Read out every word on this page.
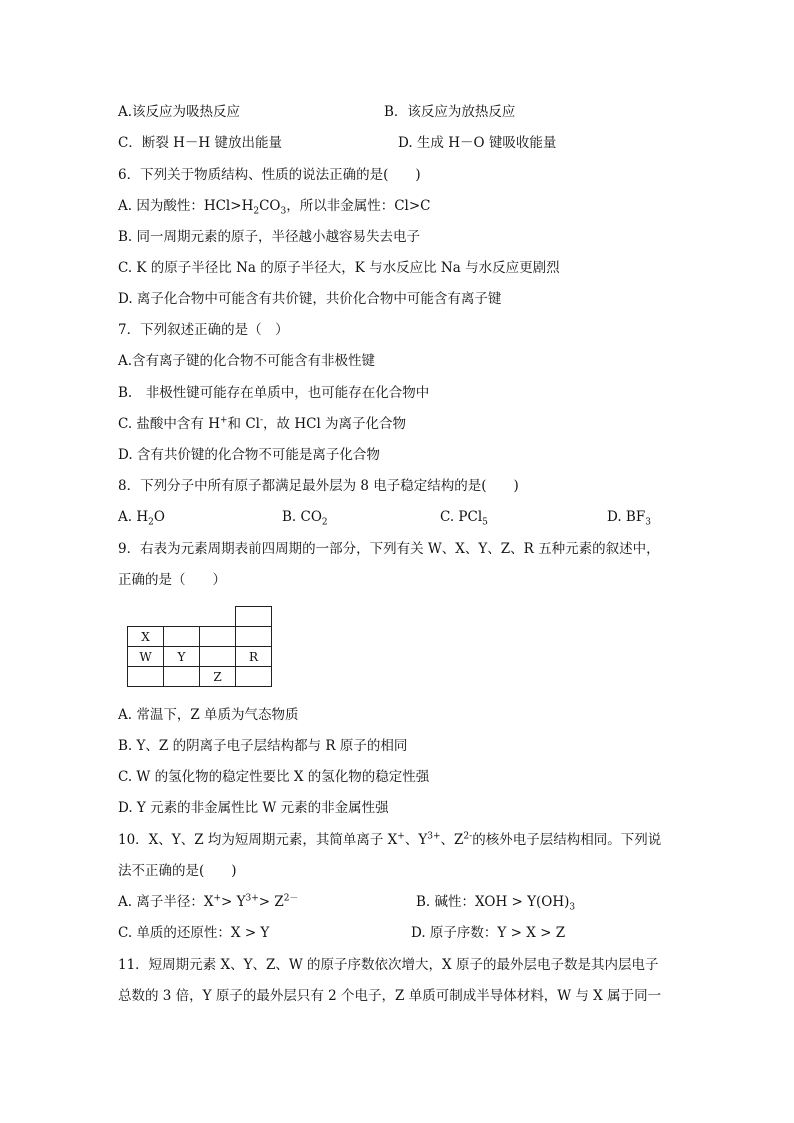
A.该反应为吸热反应	B．该反应为放热反应
C．断裂 H－H 键放出能量	D. 生成 H－O 键吸收能量
6．下列关于物质结构、性质的说法正确的是(　　)
A. 因为酸性：$HCl>H_2CO_3$，所以非金属性：Cl>C
B. 同一周期元素的原子，半径越小越容易失去电子
C. K 的原子半径比 Na 的原子半径大，K 与水反应比 Na 与水反应更剧烈
D. 离子化合物中可能含有共价键，共价化合物中可能含有离子键
7．下列叙述正确的是（　）
A.含有离子键的化合物不可能含有非极性键
B.　非极性键可能存在单质中，也可能存在化合物中
C. 盐酸中含有 H+和 Cl-，故 HCl 为离子化合物
D. 含有共价键的化合物不可能是离子化合物
8．下列分子中所有原子都满足最外层为 8 电子稳定结构的是(　　)
A. $H_2O$	B. $CO_2$	C. PCl$_5$	D. $BF_3$
9．右表为元素周期表前四周期的一部分，下列有关 W、X、Y、Z、R 五种元素的叙述中，
正确的是（　　）

X			
W	Y		R
		Z	
A. 常温下，Z 单质为气态物质
B. Y、Z 的阴离子电子层结构都与 R 原子的相同
C. W 的氢化物的稳定性要比 X 的氢化物的稳定性强
D. Y 元素的非金属性比 W 元素的非金属性强
10．X、Y、Z 均为短周期元素，其简单离子 X+、$Y^{3+}$、$Z^{2-}$的核外电子层结构相同。下列说
法不正确的是(　　)
A. 离子半径：$X^+> Y^{3+}> Z^{2-}$	B. 碱性：XOH > $Y(OH)_3$
C. 单质的还原性：X > Y	D. 原子序数：Y > X > Z
11．短周期元素 X、Y、Z、W 的原子序数依次增大，X 原子的最外层电子数是其内层电子
总数的 3 倍，Y 原子的最外层只有 2 个电子，Z 单质可制成半导体材料，W 与 X 属于同一
